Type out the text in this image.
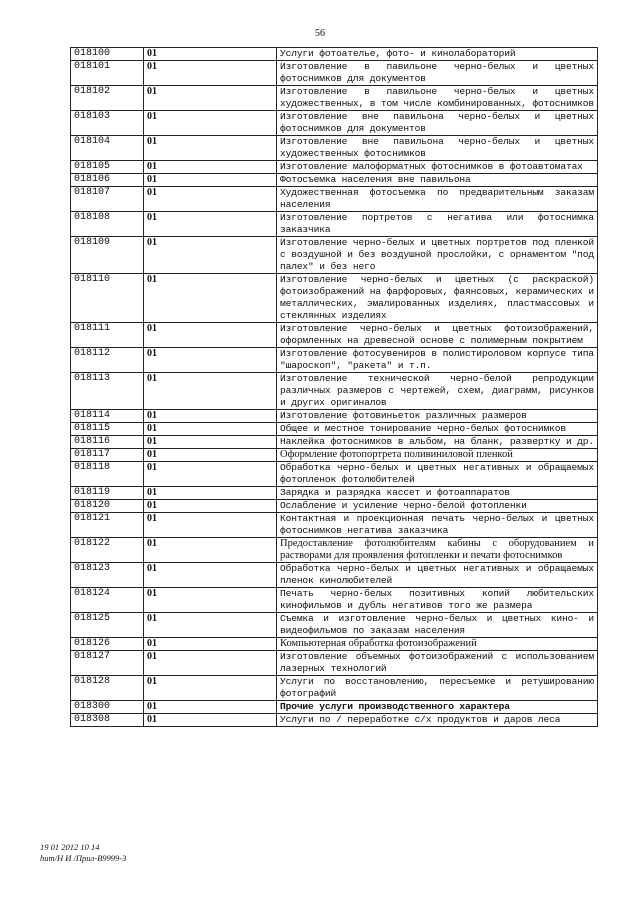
56
018100	01	Услуги фотоателье, фото- и кинолабораторий
018101	01	Изготовление в павильоне черно-белых и цветных фотоснимков для документов
018102	01	Изготовление в павильоне черно-белых и цветных художественных, в том числе комбинированных, фотоснимков
018103	01	Изготовление вне павильона черно-белых и цветных фотоснимков для документов
018104	01	Изготовление вне павильона черно-белых и цветных художественных фотоснимков
018105	01	Изготовление малоформатных фотоснимков в фотоавтоматах
018106	01	Фотосъемка населения вне павильона
018107	01	Художественная фотосъемка по предварительным заказам населения
018108	01	Изготовление портретов с негатива или фотоснимка заказчика
018109	01	Изготовление черно-белых и цветных портретов под пленкой с воздушной и без воздушной прослойки, с орнаментом "под палех" и без него
018110	01	Изготовление черно-белых и цветных (с раскраской) фотоизображений на фарфоровых, фаянсовых, керамических и металлических, эмалированных изделиях, пластмассовых и стеклянных изделиях
018111	01	Изготовление черно-белых и цветных фотоизображений, оформленных на древесной основе с полимерным покрытием
018112	01	Изготовление фотосувениров в полистироловом корпусе типа "шароскоп", "ракета" и т.п.
018113	01	Изготовление технической черно-белой репродукции различных размеров с чертежей, схем, диаграмм, рисунков и других оригиналов
018114	01	Изготовление фотовиньеток различных размеров
018115	01	Общее и местное тонирование черно-белых фотоснимков
018116	01	Наклейка фотоснимков в альбом, на бланк, развертку и др.
018117	01	Оформление фотопортрета поливиниловой пленкой
018118	01	Обработка черно-белых и цветных негативных и обращаемых фотопленок фотолюбителей
018119	01	Зарядка и разрядка кассет и фотоаппаратов
018120	01	Ослабление и усиление черно-белой фотопленки
018121	01	Контактная и проекционная печать черно-белых и цветных фотоснимков негатива заказчика
018122	01	Предоставление фотолюбителям кабины с оборудованием и растворами для проявления фотопленки и печати фотоснимков
018123	01	Обработка черно-белых и цветных негативных и обращаемых пленок кинолюбителей
018124	01	Печать черно-белых позитивных копий любительских кинофильмов и дубль негативов того же размера
018125	01	Съемка и изготовление черно-белых и цветных кино- и видеофильмов по заказам населения
018126	01	Компьютерная обработка фотоизображений
018127	01	Изготовление объемных фотоизображений с использованием лазерных технологий
018128	01	Услуги по восстановлению, пересъемке и ретушированию фотографий
018300	01	Прочие услуги производственного характера
018308	01	Услуги по / переработке с/х продуктов и даров леса
19 01 2012 10 14
hum/H И /Прил-В9999-3
